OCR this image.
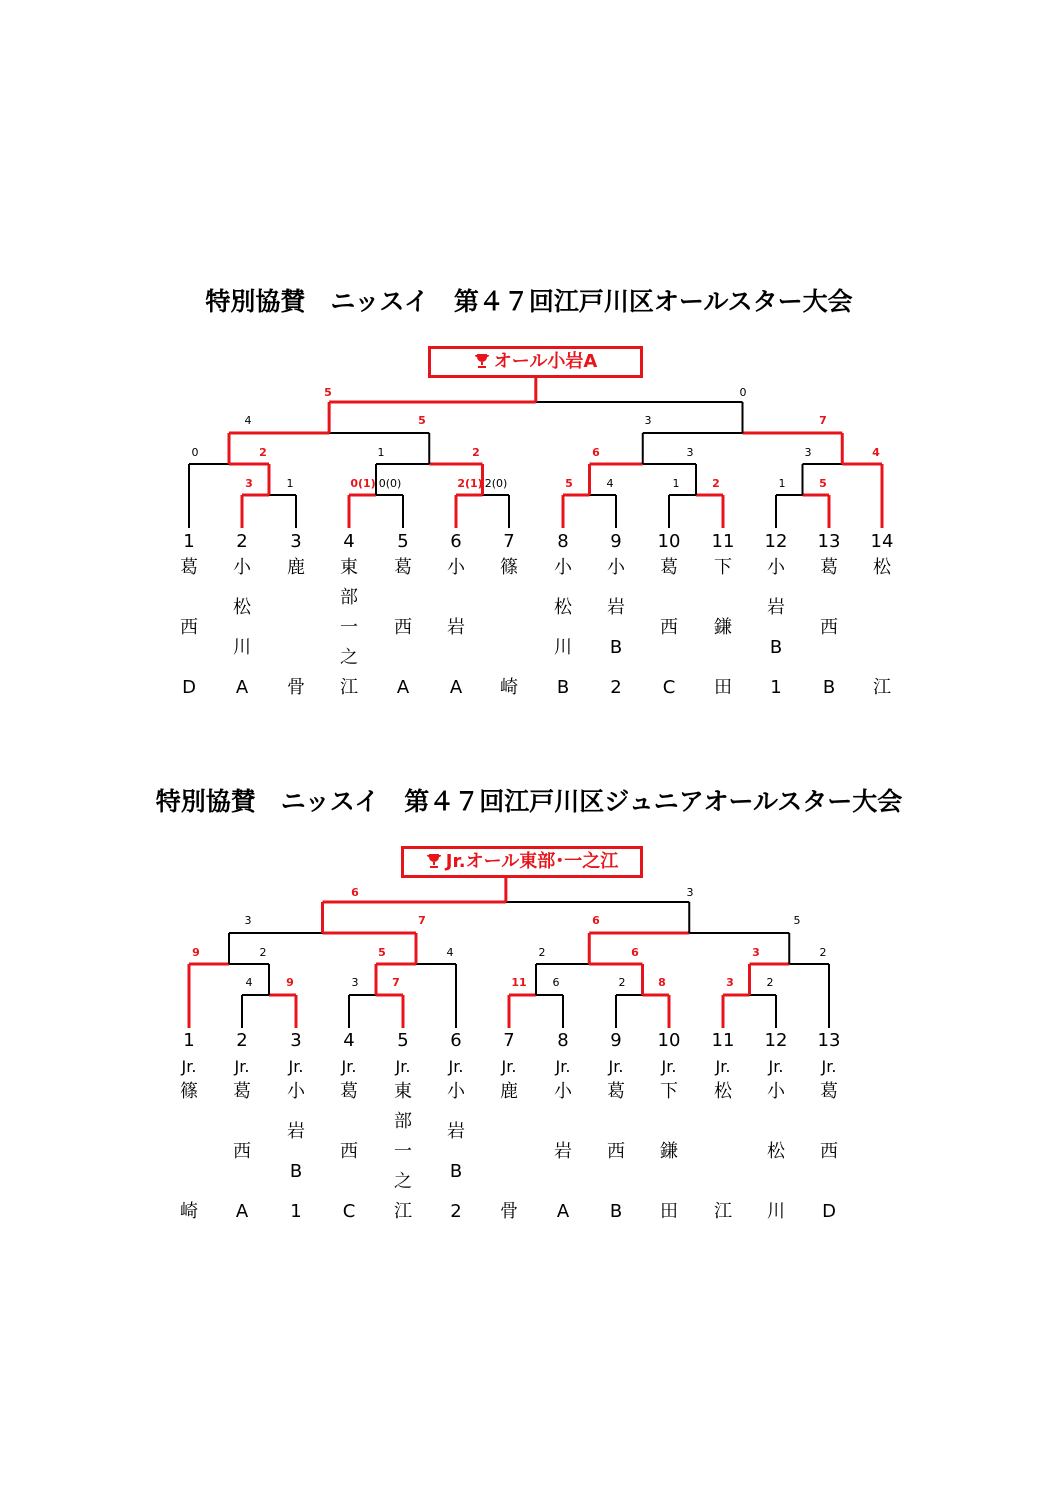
特別協賛　ニッスイ　第４７回江戸川区オールスター大会
オール小岩A
0	2
3	1
1
0(1) 0(0)
2
2(1) 2(0)
4	5
6
5	4
3
1	2
3
1
3
5
7
4
5	0
1
葛
西
D
2
小
松
川
A
3
鹿
骨
4
東
部
一
之
江
5
葛
西
A
6
小
岩
A
7
篠
崎
8
小
松
川
B
9
小
岩
B
2
10
葛
西
C
11
下
鎌
田
12
小
岩
B
1
13
葛
西
B
14
松
江
特別協賛　ニッスイ　第４７回江戸川区ジュニアオールスター大会
Jr.オール東部･一之江
9	2
4	9
3	7
5	4
3	7	11 6	2
2
8
6
3	2
3	2
6	5
6	3
1
Jr.
篠
崎
2
Jr.
葛
西
A
3
Jr.
小
岩
B
1
4
Jr.
葛
西
C
5
Jr.
東
部
一
之
江
6
Jr.
小
岩
B
2
7
Jr.
鹿
骨
8
Jr.
小
岩
A
9
Jr.
葛
西
B
10
Jr.
下
鎌
田
11
Jr.
松
江
12
Jr.
小
松
川
13
Jr.
葛
西
D
